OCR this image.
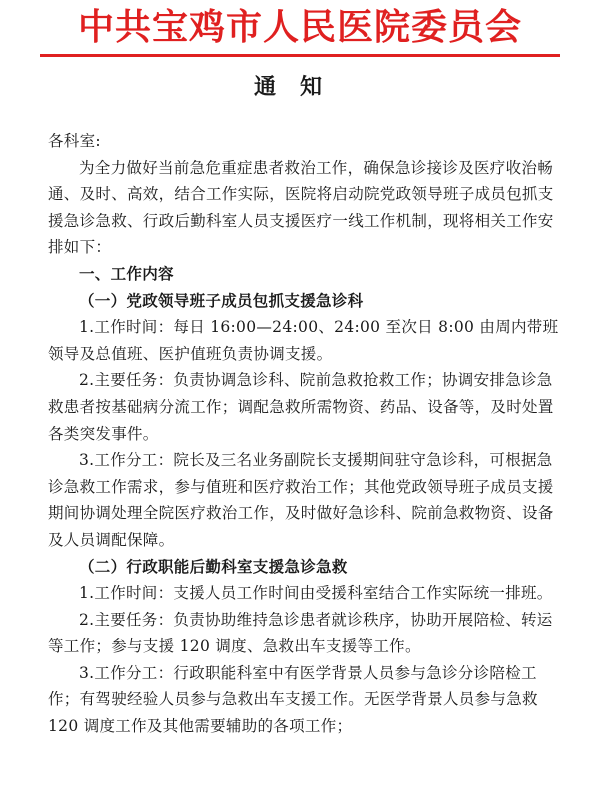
中共宝鸡市人民医院委员会
通知

各科室:

为全力做好当前急危重症患者救治工作，确保急诊接诊及医疗收治畅通、及时、高效，结合工作实际，医院将启动院党政领导班子成员包抓支援急诊急救、行政后勤科室人员支援医疗一线工作机制，现将相关工作安排如下：

一、工作内容

（一）党政领导班子成员包抓支援急诊科

1.工作时间：每日 16:00—24:00、24:00 至次日 8:00 由周内带班领导及总值班、医护值班负责协调支援。

2.主要任务：负责协调急诊科、院前急救抢救工作；协调安排急诊急救患者按基础病分流工作；调配急救所需物资、药品、设备等，及时处置各类突发事件。

3.工作分工：院长及三名业务副院长支援期间驻守急诊科，可根据急诊急救工作需求，参与值班和医疗救治工作；其他党政领导班子成员支援期间协调处理全院医疗救治工作，及时做好急诊科、院前急救物资、设备及人员调配保障。

（二）行政职能后勤科室支援急诊急救

1.工作时间：支援人员工作时间由受援科室结合工作实际统一排班。

2.主要任务：负责协助维持急诊患者就诊秩序，协助开展陪检、转运等工作；参与支援 120 调度、急救出车支援等工作。

3.工作分工：行政职能科室中有医学背景人员参与急诊分诊陪检工作；有驾驶经验人员参与急救出车支援工作。无医学背景人员参与急救 120 调度工作及其他需要辅助的各项工作；
